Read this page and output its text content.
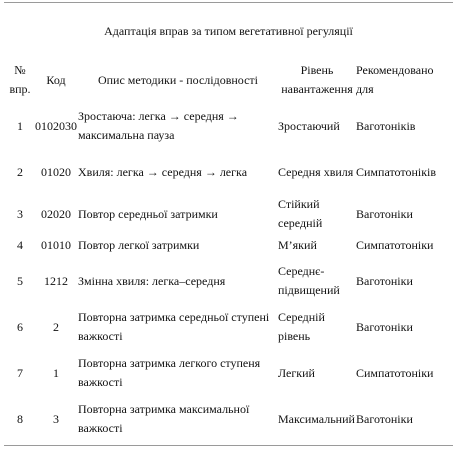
Адаптація вправ за типом вегетативної регуляції
№ впр.	Код	Опис методики - послідовності	Рівень навантаження	Рекомендовано для
1	0102030	Зростаюча: легка → середня → максимальна пауза	Зростаючий	Ваготоніків
2	01020	Хвиля: легка → середня → легка	Середня хвиля	Симпатотоніків
3	02020	Повтор середньої затримки	Стійкий середній	Ваготоніки
4	01010	Повтор легкої затримки	М’який	Симпатотоніки
5	1212	Змінна хвиля: легка–середня	Середнє-підвищений	Ваготоніки
6	2	Повторна затримка середньої ступені важкості	Середній рівень	Ваготоніки
7	1	Повторна затримка легкого ступеня важкості	Легкий	Симпатотоніки
8	3	Повторна затримка максимальної важкості	Максимальний	Ваготоніки
